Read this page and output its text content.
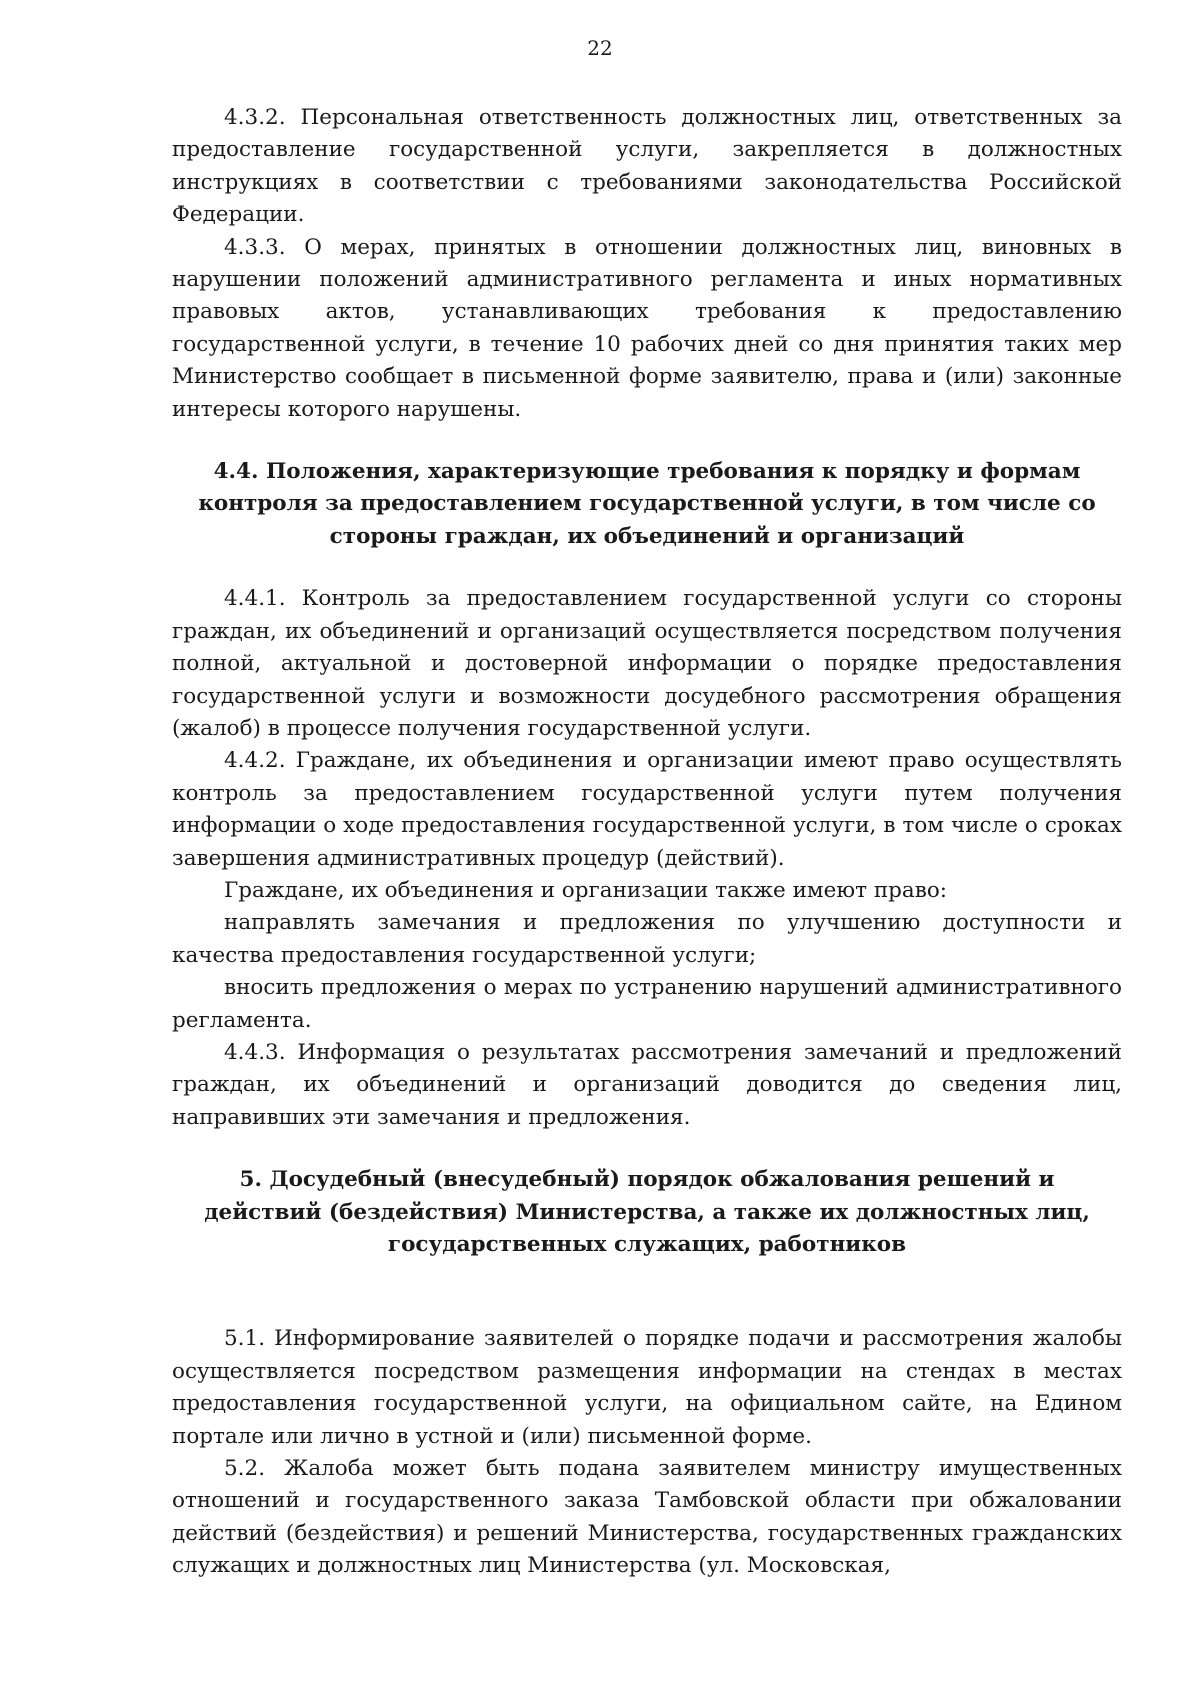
22

4.3.2. Персональная ответственность должностных лиц, ответственных за предоставление государственной услуги, закрепляется в должностных инструкциях в соответствии с требованиями законодательства Российской Федерации.

4.3.3. О мерах, принятых в отношении должностных лиц, виновных в нарушении положений административного регламента и иных нормативных правовых актов, устанавливающих требования к предоставлению государственной услуги, в течение 10 рабочих дней со дня принятия таких мер Министерство сообщает в письменной форме заявителю, права и (или) законные интересы которого нарушены.

4.4. Положения, характеризующие требования к порядку и формам контроля за предоставлением государственной услуги, в том числе со стороны граждан, их объединений и организаций

4.4.1. Контроль за предоставлением государственной услуги со стороны граждан, их объединений и организаций осуществляется посредством получения полной, актуальной и достоверной информации о порядке предоставления государственной услуги и возможности досудебного рассмотрения обращения (жалоб) в процессе получения государственной услуги.

4.4.2. Граждане, их объединения и организации имеют право осуществлять контроль за предоставлением государственной услуги путем получения информации о ходе предоставления государственной услуги, в том числе о сроках завершения административных процедур (действий).

Граждане, их объединения и организации также имеют право:

направлять замечания и предложения по улучшению доступности и качества предоставления государственной услуги;

вносить предложения о мерах по устранению нарушений административного регламента.

4.4.3. Информация о результатах рассмотрения замечаний и предложений граждан, их объединений и организаций доводится до сведения лиц, направивших эти замечания и предложения.

5. Досудебный (внесудебный) порядок обжалования решений и действий (бездействия) Министерства, а также их должностных лиц, государственных служащих, работников

5.1. Информирование заявителей о порядке подачи и рассмотрения жалобы осуществляется посредством размещения информации на стендах в местах предоставления государственной услуги, на официальном сайте, на Едином портале или лично в устной и (или) письменной форме.

5.2. Жалоба может быть подана заявителем министру имущественных отношений и государственного заказа Тамбовской области при обжаловании действий (бездействия) и решений Министерства, государственных гражданских служащих и должностных лиц Министерства (ул. Московская,
